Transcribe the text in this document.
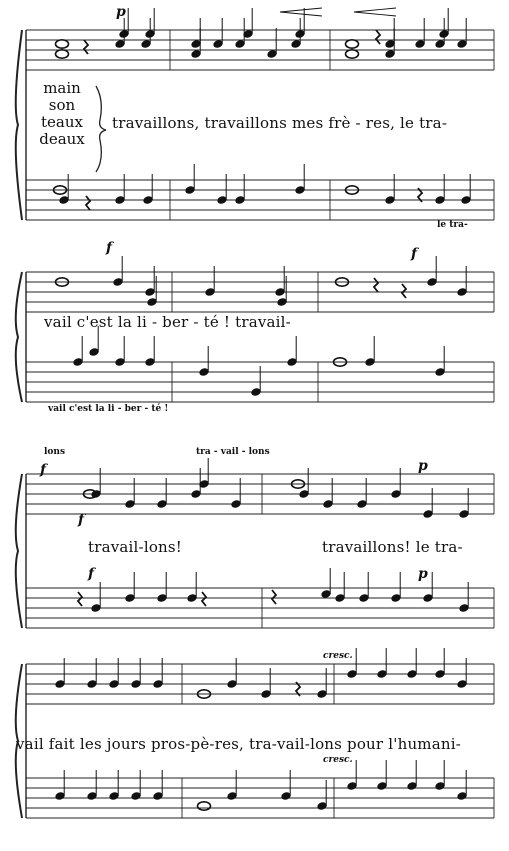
main
son
teaux
deaux
travaillons, travaillons mes frè - res, le tra-
le tra-
p
vail c'est la li - ber - té ! travail-
vail c'est la li - ber - té !
f	f
lons	tra - vail - lons
travail-lons!	travaillons! le tra-
f
f
p
f	p
vail fait les jours pros-pè-res, tra-vail-lons pour l'humani-
cresc.
cresc.
